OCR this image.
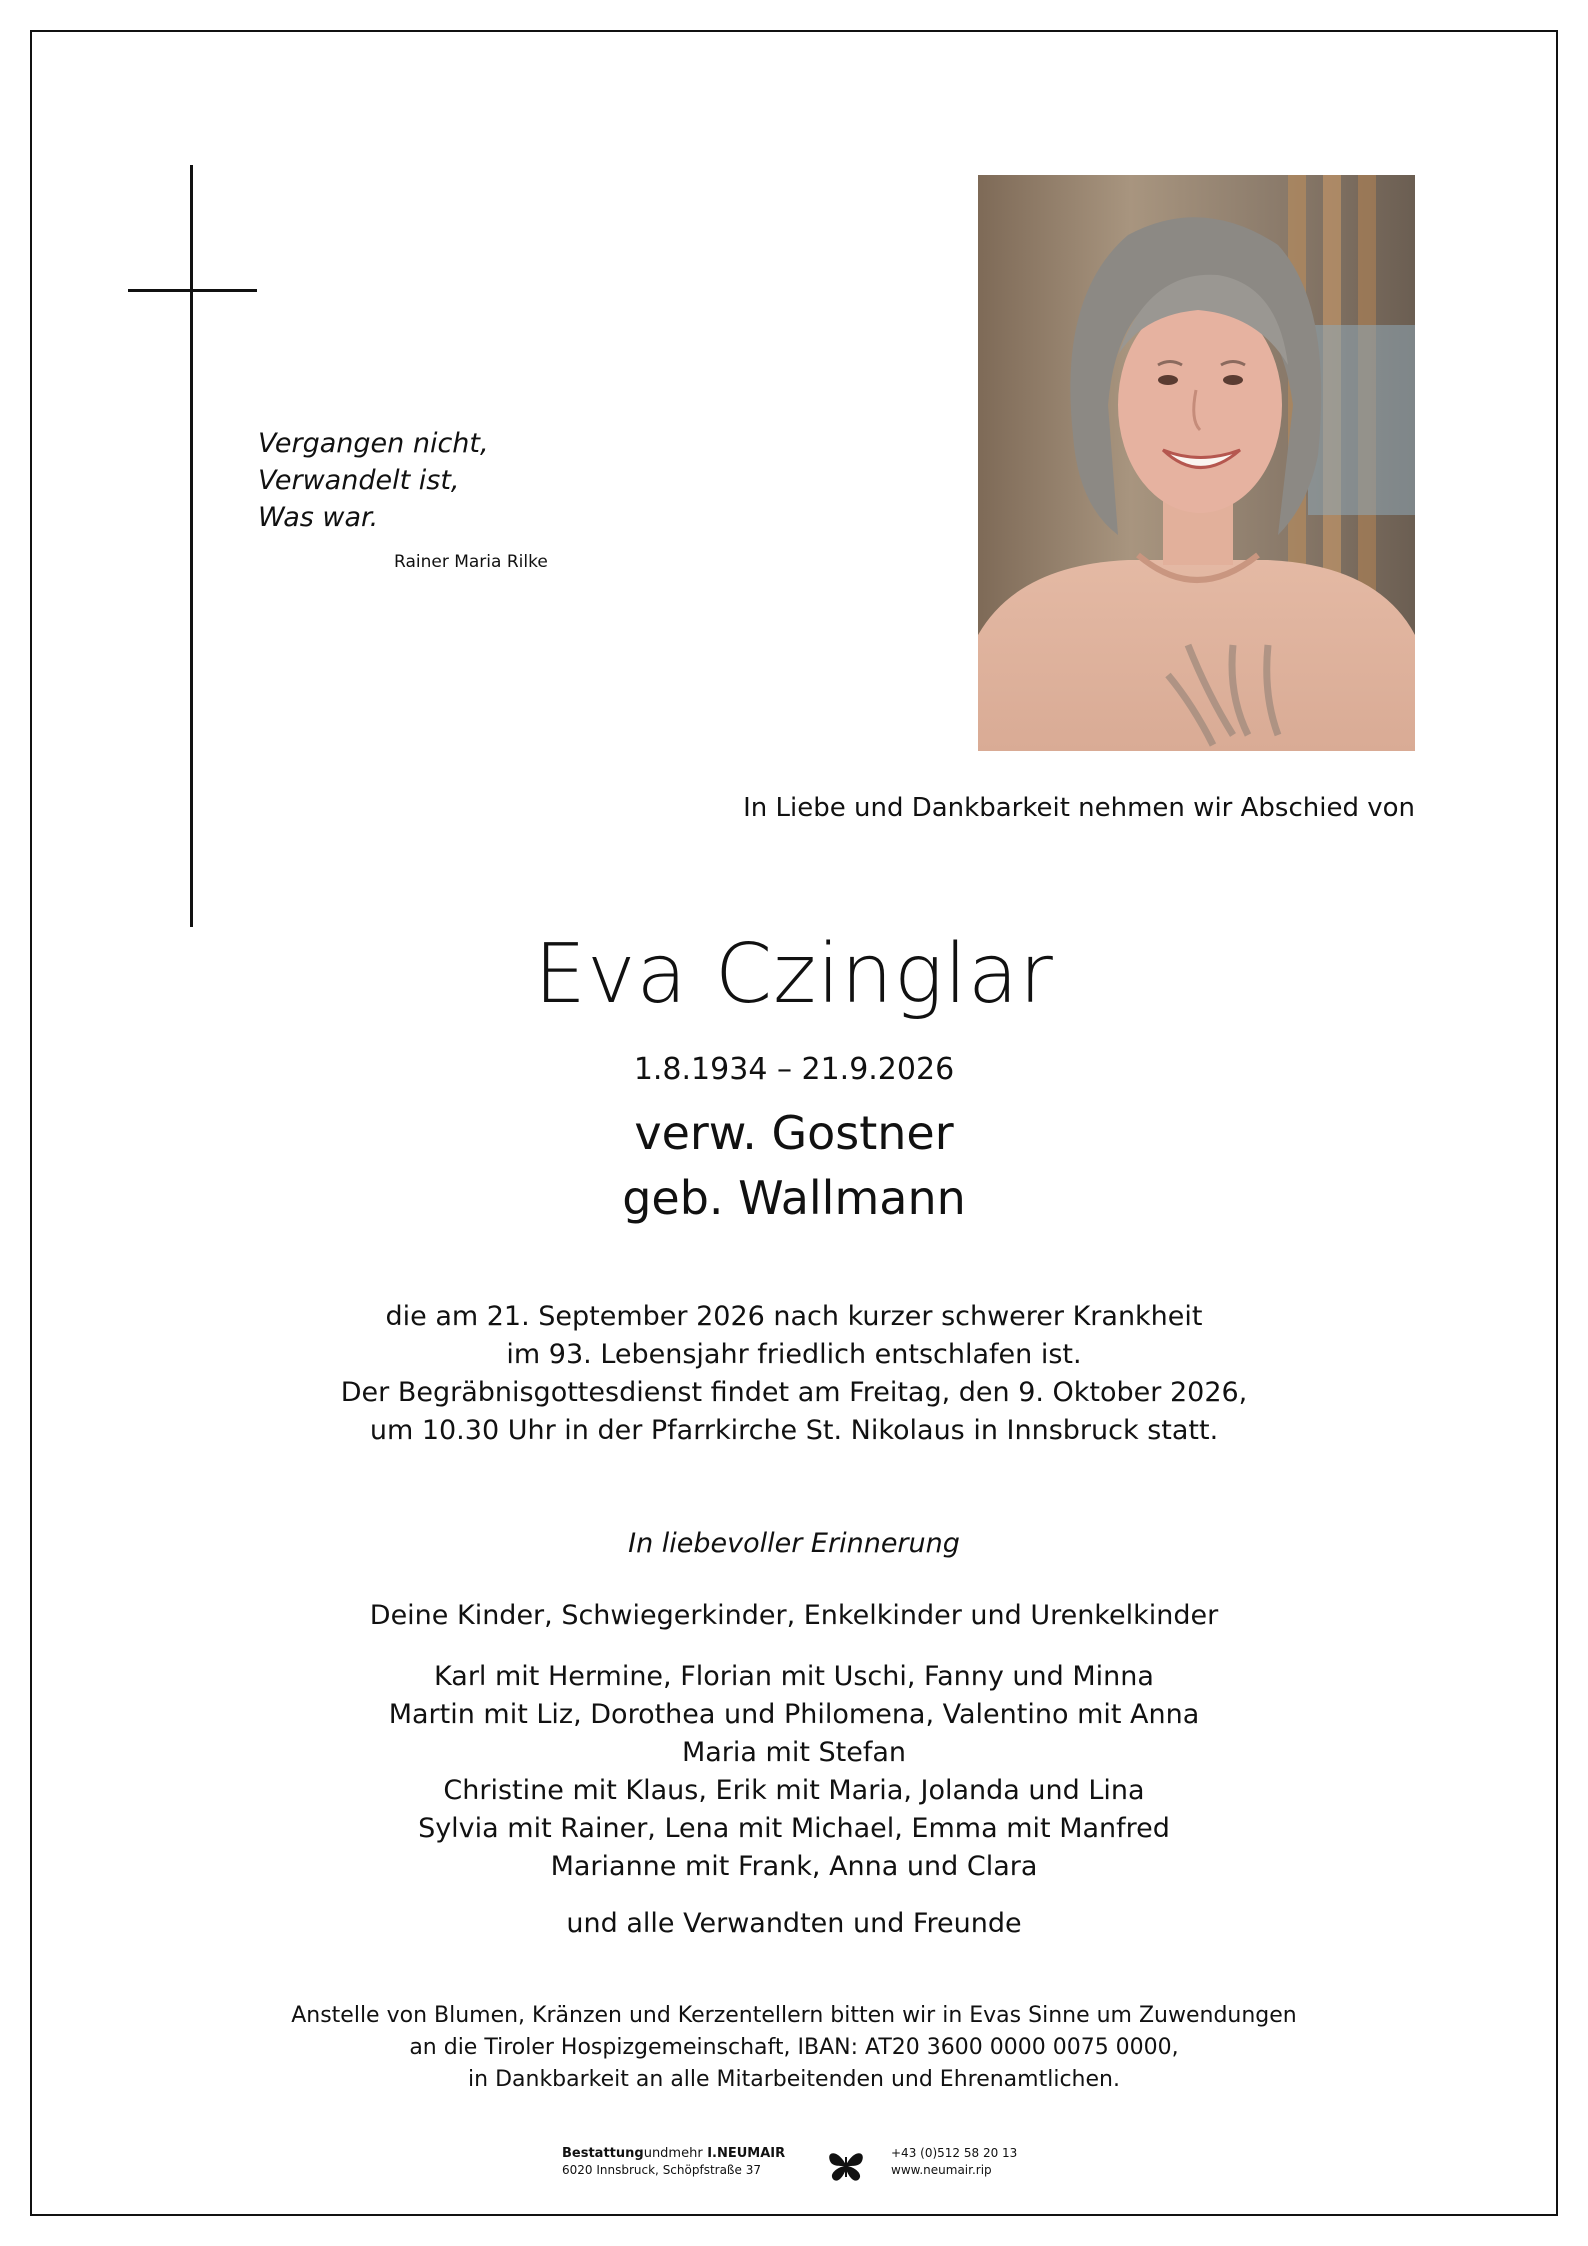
Vergangen nicht,
Verwandelt ist,
Was war.
Rainer Maria Rilke
In Liebe und Dankbarkeit nehmen wir Abschied von
Eva Czinglar
1.8.1934 – 21.9.2026
verw. Gostner
geb. Wallmann
die am 21. September 2026 nach kurzer schwerer Krankheit
im 93. Lebensjahr friedlich entschlafen ist.
Der Begräbnisgottesdienst findet am Freitag, den 9. Oktober 2026,
um 10.30 Uhr in der Pfarrkirche St. Nikolaus in Innsbruck statt.
In liebevoller Erinnerung
Deine Kinder, Schwiegerkinder, Enkelkinder und Urenkelkinder
Karl mit Hermine, Florian mit Uschi, Fanny und Minna
Martin mit Liz, Dorothea und Philomena, Valentino mit Anna
Maria mit Stefan
Christine mit Klaus, Erik mit Maria, Jolanda und Lina
Sylvia mit Rainer, Lena mit Michael, Emma mit Manfred
Marianne mit Frank, Anna und Clara
und alle Verwandten und Freunde
Anstelle von Blumen, Kränzen und Kerzentellern bitten wir in Evas Sinne um Zuwendungen
an die Tiroler Hospizgemeinschaft, IBAN: AT20 3600 0000 0075 0000,
in Dankbarkeit an alle Mitarbeitenden und Ehrenamtlichen.
Bestattungundmehr I.NEUMAIR
6020 Innsbruck, Schöpfstraße 37
+43 (0)512 58 20 13
www.neumair.rip
